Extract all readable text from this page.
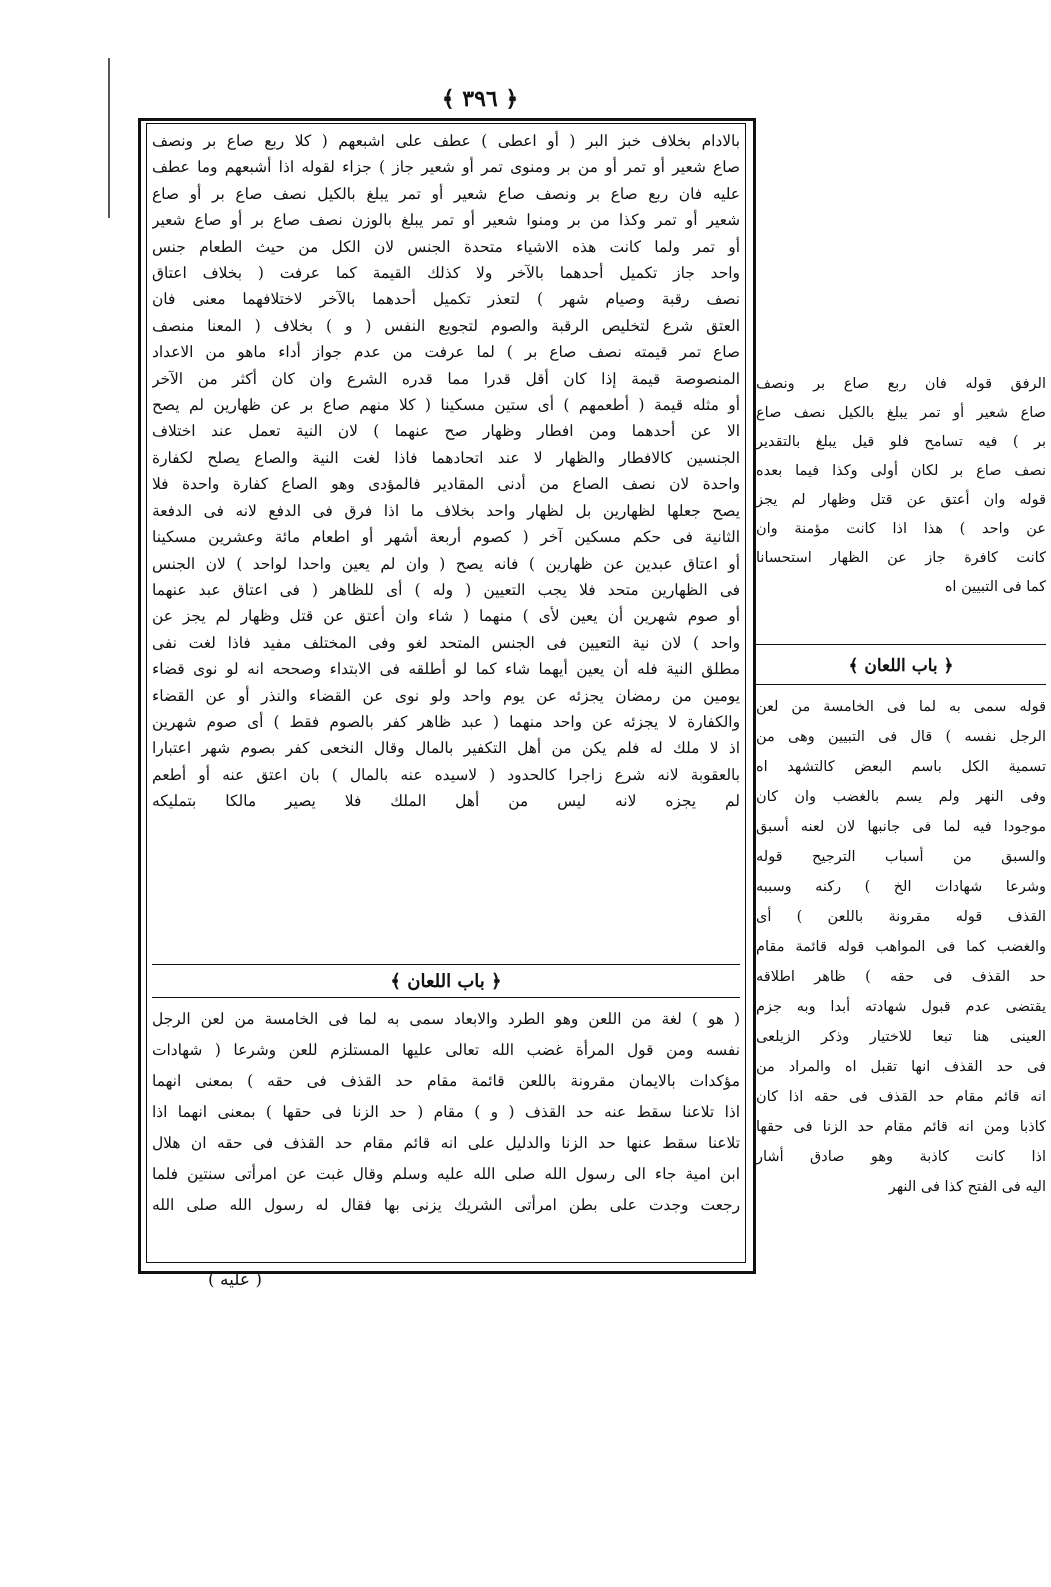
﴿ ٣٩٦ ﴾
بالادام بخلاف خبز البر ( أو اعطى ) عطف على اشبعهم ( كلا ربع صاع بر ونصف
صاع شعير أو تمر أو من بر ومنوى تمر أو شعير جاز ) جزاء لقوله اذا أشبعهم وما عطف
عليه فان ربع صاع بر ونصف صاع شعير أو تمر يبلغ بالكيل نصف صاع بر أو صاع
شعير أو تمر وكذا من بر ومنوا شعير أو تمر يبلغ بالوزن نصف صاع بر أو صاع شعير
أو تمر ولما كانت هذه الاشياء متحدة الجنس لان الكل من حيث الطعام جنس
واحد جاز تكميل أحدهما بالآخر ولا كذلك القيمة كما عرفت ( بخلاف اعتاق
نصف رقبة وصيام شهر ) لتعذر تكميل أحدهما بالآخر لاختلافهما معنى فان
العتق شرع لتخليص الرقبة والصوم لتجويع النفس ( و ) بخلاف ( المعنا منصف
صاع تمر قيمته نصف صاع بر ) لما عرفت من عدم جواز أداء ماهو من الاعداد
المنصوصة قيمة إذا كان أقل قدرا مما قدره الشرع وان كان أكثر من الآخر
أو مثله قيمة ( أطعمهم ) أى ستين مسكينا ( كلا منهم صاع بر عن ظهارين لم يصح
الا عن أحدهما ومن افطار وظهار صح عنهما ) لان النية تعمل عند اختلاف
الجنسين كالافطار والظهار لا عند اتحادهما فاذا لغت النية والصاع يصلح لكفارة
واحدة لان نصف الصاع من أدنى المقادير فالمؤدى وهو الصاع كفارة واحدة فلا
يصح جعلها لظهارين بل لظهار واحد بخلاف ما اذا فرق فى الدفع لانه فى الدفعة
الثانية فى حكم مسكين آخر ( كصوم أربعة أشهر أو اطعام مائة وعشرين مسكينا
أو اعتاق عبدين عن ظهارين ) فانه يصح ( وان لم يعين واحدا لواحد ) لان الجنس
فى الظهارين متحد فلا يجب التعيين ( وله ) أى للظاهر ( فى اعتاق عبد عنهما
أو صوم شهرين أن يعين لأى ) منهما ( شاء وان أعتق عن قتل وظهار لم يجز عن
واحد ) لان نية التعيين فى الجنس المتحد لغو وفى المختلف مفيد فاذا لغت نفى
مطلق النية فله أن يعين أيهما شاء كما لو أطلقه فى الابتداء وصححه انه لو نوى قضاء
يومين من رمضان يجزئه عن يوم واحد ولو نوى عن القضاء والنذر أو عن القضاء
والكفارة لا يجزئه عن واحد منهما ( عبد ظاهر كفر بالصوم فقط ) أى صوم شهرين
اذ لا ملك له فلم يكن من أهل التكفير بالمال وقال النخعى كفر بصوم شهر اعتبارا
بالعقوبة لانه شرع زاجرا كالحدود ( لاسيده عنه بالمال ) بان اعتق عنه أو أطعم
لم يجزه لانه ليس من أهل الملك فلا يصير مالكا بتمليكه
﴿ باب اللعان ﴾
( هو ) لغة من اللعن وهو الطرد والابعاد سمى به لما فى الخامسة من لعن الرجل
نفسه ومن قول المرأة غضب الله تعالى عليها المستلزم للعن وشرعا ( شهادات
مؤكدات بالايمان مقرونة باللعن قائمة مقام حد القذف فى حقه ) بمعنى انهما
اذا تلاعنا سقط عنه حد القذف ( و ) مقام ( حد الزنا فى حقها ) بمعنى انهما اذا
تلاعنا سقط عنها حد الزنا والدليل على انه قائم مقام حد القذف فى حقه ان هلال
ابن امية جاء الى رسول الله صلى الله عليه وسلم وقال غبت عن امرأتى سنتين فلما
رجعت وجدت على بطن امرأتى الشريك يزنى بها فقال له رسول الله صلى الله
( عليه )
الرفق قوله فان ربع صاع بر ونصف
صاع شعير أو تمر يبلغ بالكيل نصف صاع
بر ) فيه تسامح فلو قيل يبلغ بالتقدير
نصف صاع بر لكان أولى وكذا فيما بعده
قوله وان أعتق عن قتل وظهار لم يجز
عن واحد ) هذا اذا كانت مؤمنة وان
كانت كافرة جاز عن الظهار استحسانا
كما فى التبيين اه
﴿ باب اللعان ﴾
قوله سمى به لما فى الخامسة من لعن
الرجل نفسه ) قال فى التبيين وهى من
تسمية الكل باسم البعض كالتشهد اه
وفى النهر ولم يسم بالغضب وان كان
موجودا فيه لما فى جانبها لان لعنه أسبق
والسبق من أسباب الترجيح قوله
وشرعا شهادات الخ ) ركنه وسببه
القذف قوله مقرونة باللعن ) أى
والغضب كما فى المواهب قوله قائمة مقام
حد القذف فى حقه ) ظاهر اطلاقه
يقتضى عدم قبول شهادته أبدا وبه جزم
العينى هنا تبعا للاختيار وذكر الزيلعى
فى حد القذف انها تقبل اه والمراد من
انه قائم مقام حد القذف فى حقه اذا كان
كاذبا ومن انه قائم مقام حد الزنا فى حقها
اذا كانت كاذبة وهو صادق أشار
اليه فى الفتح كذا فى النهر
